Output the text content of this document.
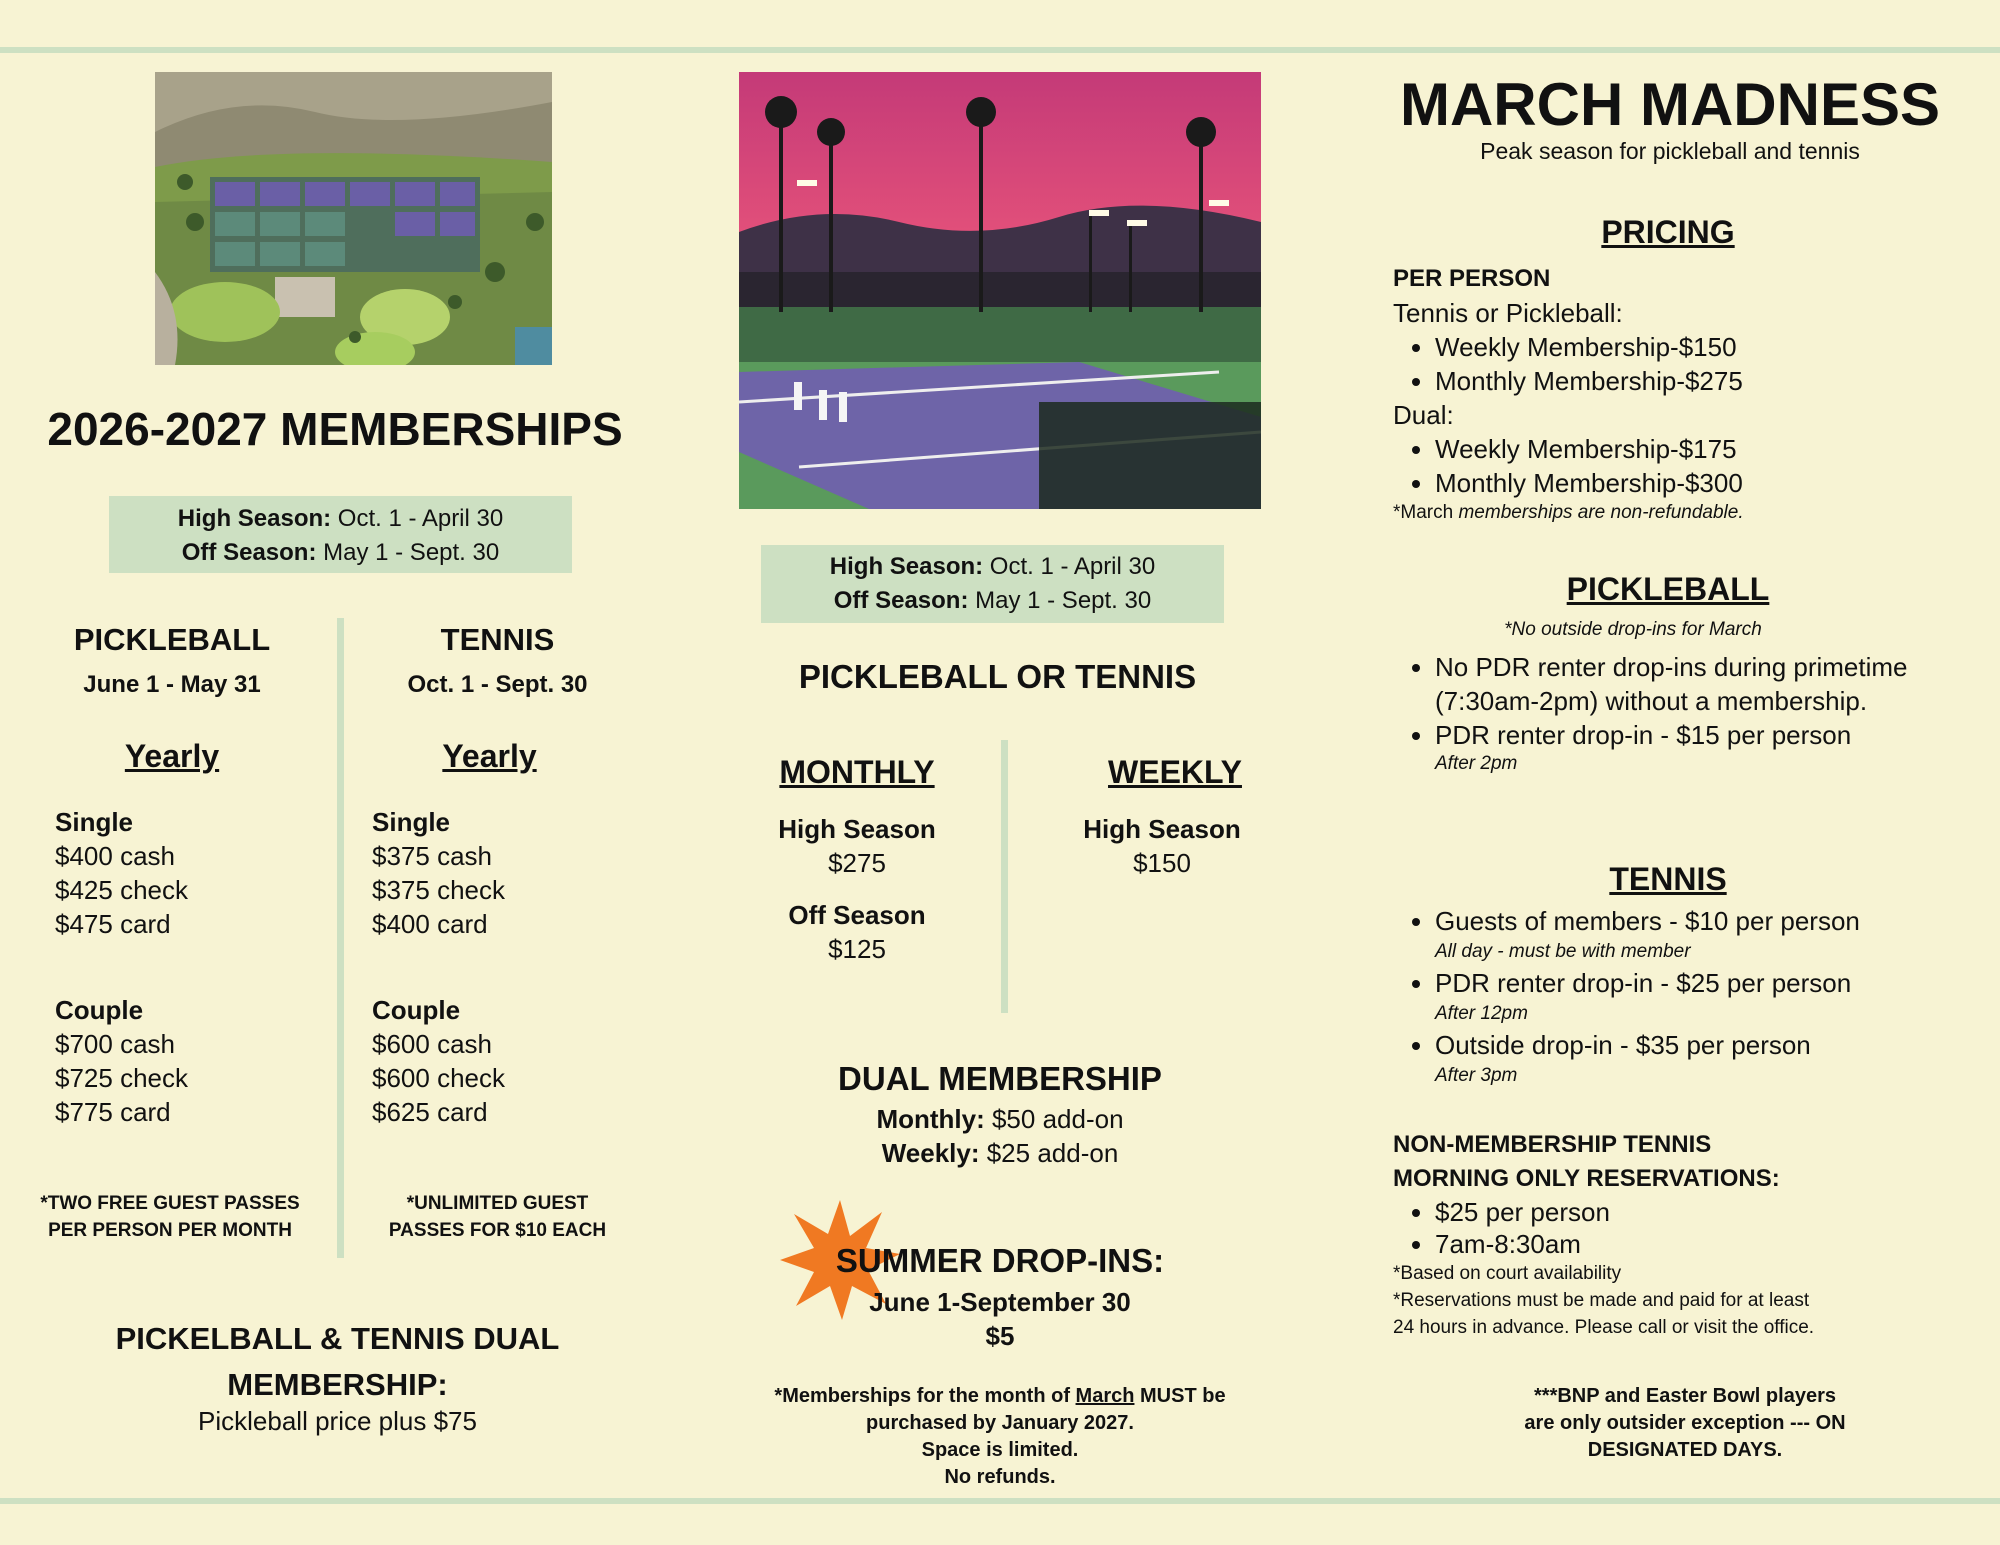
2026-2027 MEMBERSHIPS
High Season: Oct. 1 - April 30
Off Season: May 1 - Sept. 30
PICKLEBALL
June 1 - May 31
Yearly
Single
$400 cash
$425 check
$475 card
Couple
$700 cash
$725 check
$775 card
*TWO FREE GUEST PASSES
PER PERSON PER MONTH
TENNIS
Oct. 1 - Sept. 30
Yearly
Single
$375 cash
$375 check
$400 card
Couple
$600 cash
$600 check
$625 card
*UNLIMITED GUEST
PASSES FOR $10 EACH
PICKELBALL & TENNIS DUAL
MEMBERSHIP:
Pickleball price plus $75
High Season: Oct. 1 - April 30
Off Season: May 1 - Sept. 30
PICKLEBALL OR TENNIS
MONTHLY
High Season
$275
Off Season
$125
WEEKLY
High Season
$150
DUAL MEMBERSHIP
Monthly: $50 add-on
Weekly: $25 add-on
SUMMER DROP-INS:
June 1-September 30
$5
*Memberships for the month of March MUST be
purchased by January 2027.
Space is limited.
No refunds.
MARCH MADNESS
Peak season for pickleball and tennis
PRICING
PER PERSON
Tennis or Pickleball:
• Weekly Membership-$150
• Monthly Membership-$275
Dual:
• Weekly Membership-$175
• Monthly Membership-$300
*March memberships are non-refundable.
PICKLEBALL
*No outside drop-ins for March
• No PDR renter drop-ins during primetime (7:30am-2pm) without a membership.
• PDR renter drop-in - $15 per person
After 2pm
TENNIS
• Guests of members - $10 per person
All day - must be with member
• PDR renter drop-in - $25 per person
After 12pm
• Outside drop-in - $35 per person
After 3pm
NON-MEMBERSHIP TENNIS
MORNING ONLY RESERVATIONS:
• $25 per person
• 7am-8:30am
*Based on court availability
*Reservations must be made and paid for at least
24 hours in advance. Please call or visit the office.
***BNP and Easter Bowl players
are only outsider exception --- ON
DESIGNATED DAYS.
